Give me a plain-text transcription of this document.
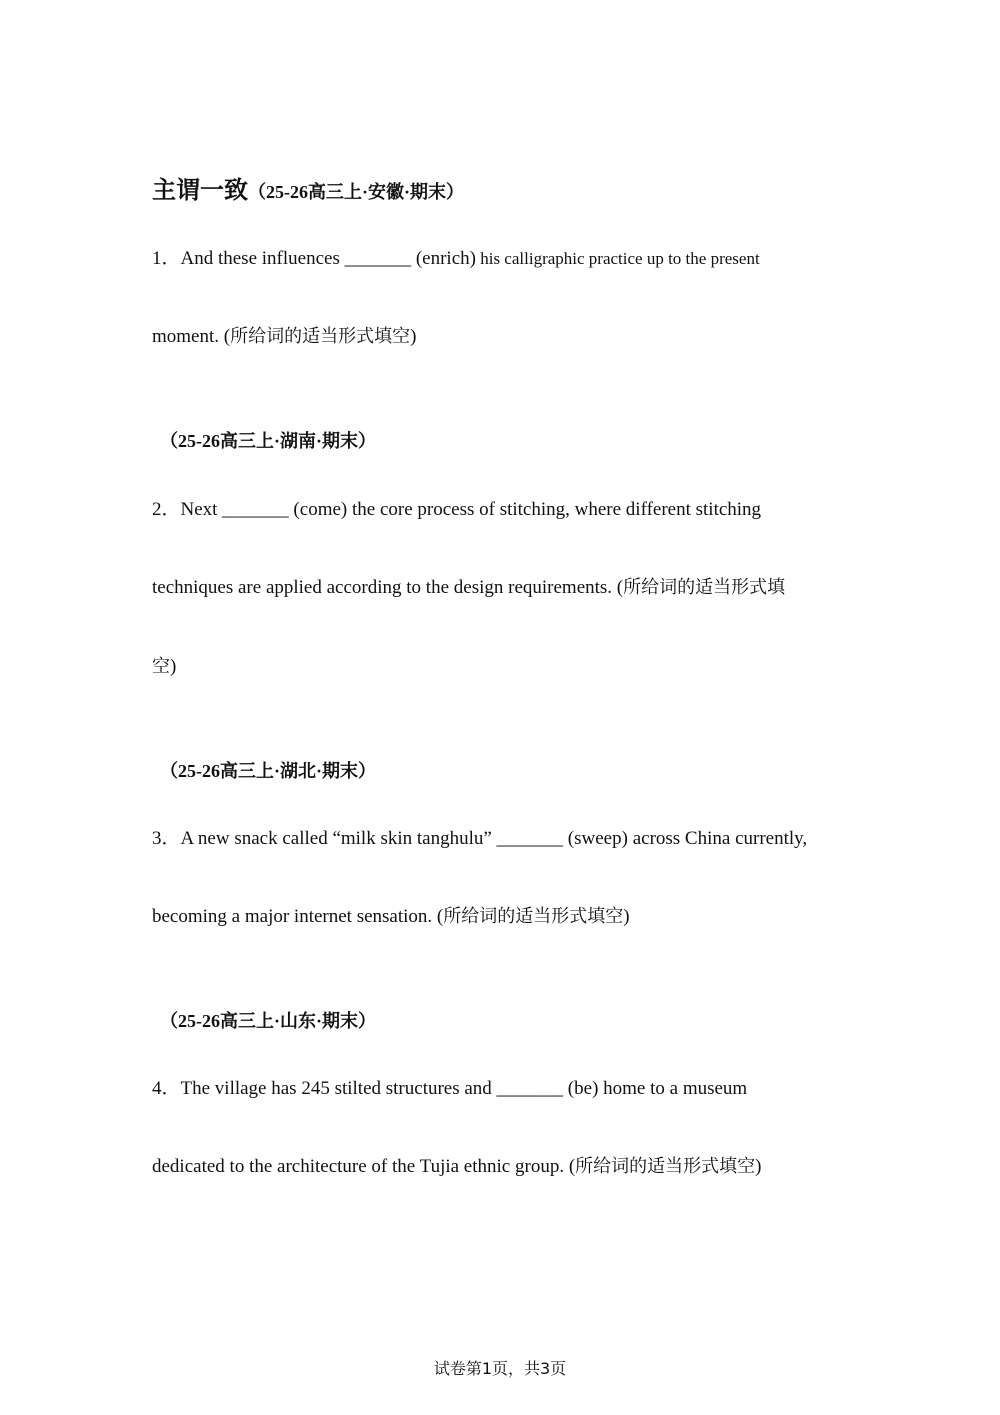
主谓一致（25-26高三上·安徽·期末）
1．And these influences _______ (enrich) his calligraphic practice up to the present
moment. (所给词的适当形式填空)
（25-26高三上·湖南·期末）
2．Next _______ (come) the core process of stitching, where different stitching
techniques are applied according to the design requirements. (所给词的适当形式填
空)
（25-26高三上·湖北·期末）
3．A new snack called “milk skin tanghulu” _______ (sweep) across China currently,
becoming a major internet sensation. (所给词的适当形式填空)
（25-26高三上·山东·期末）
4．The village has 245 stilted structures and _______ (be) home to a museum
dedicated to the architecture of the Tujia ethnic group. (所给词的适当形式填空)
试卷第1页，共3页
